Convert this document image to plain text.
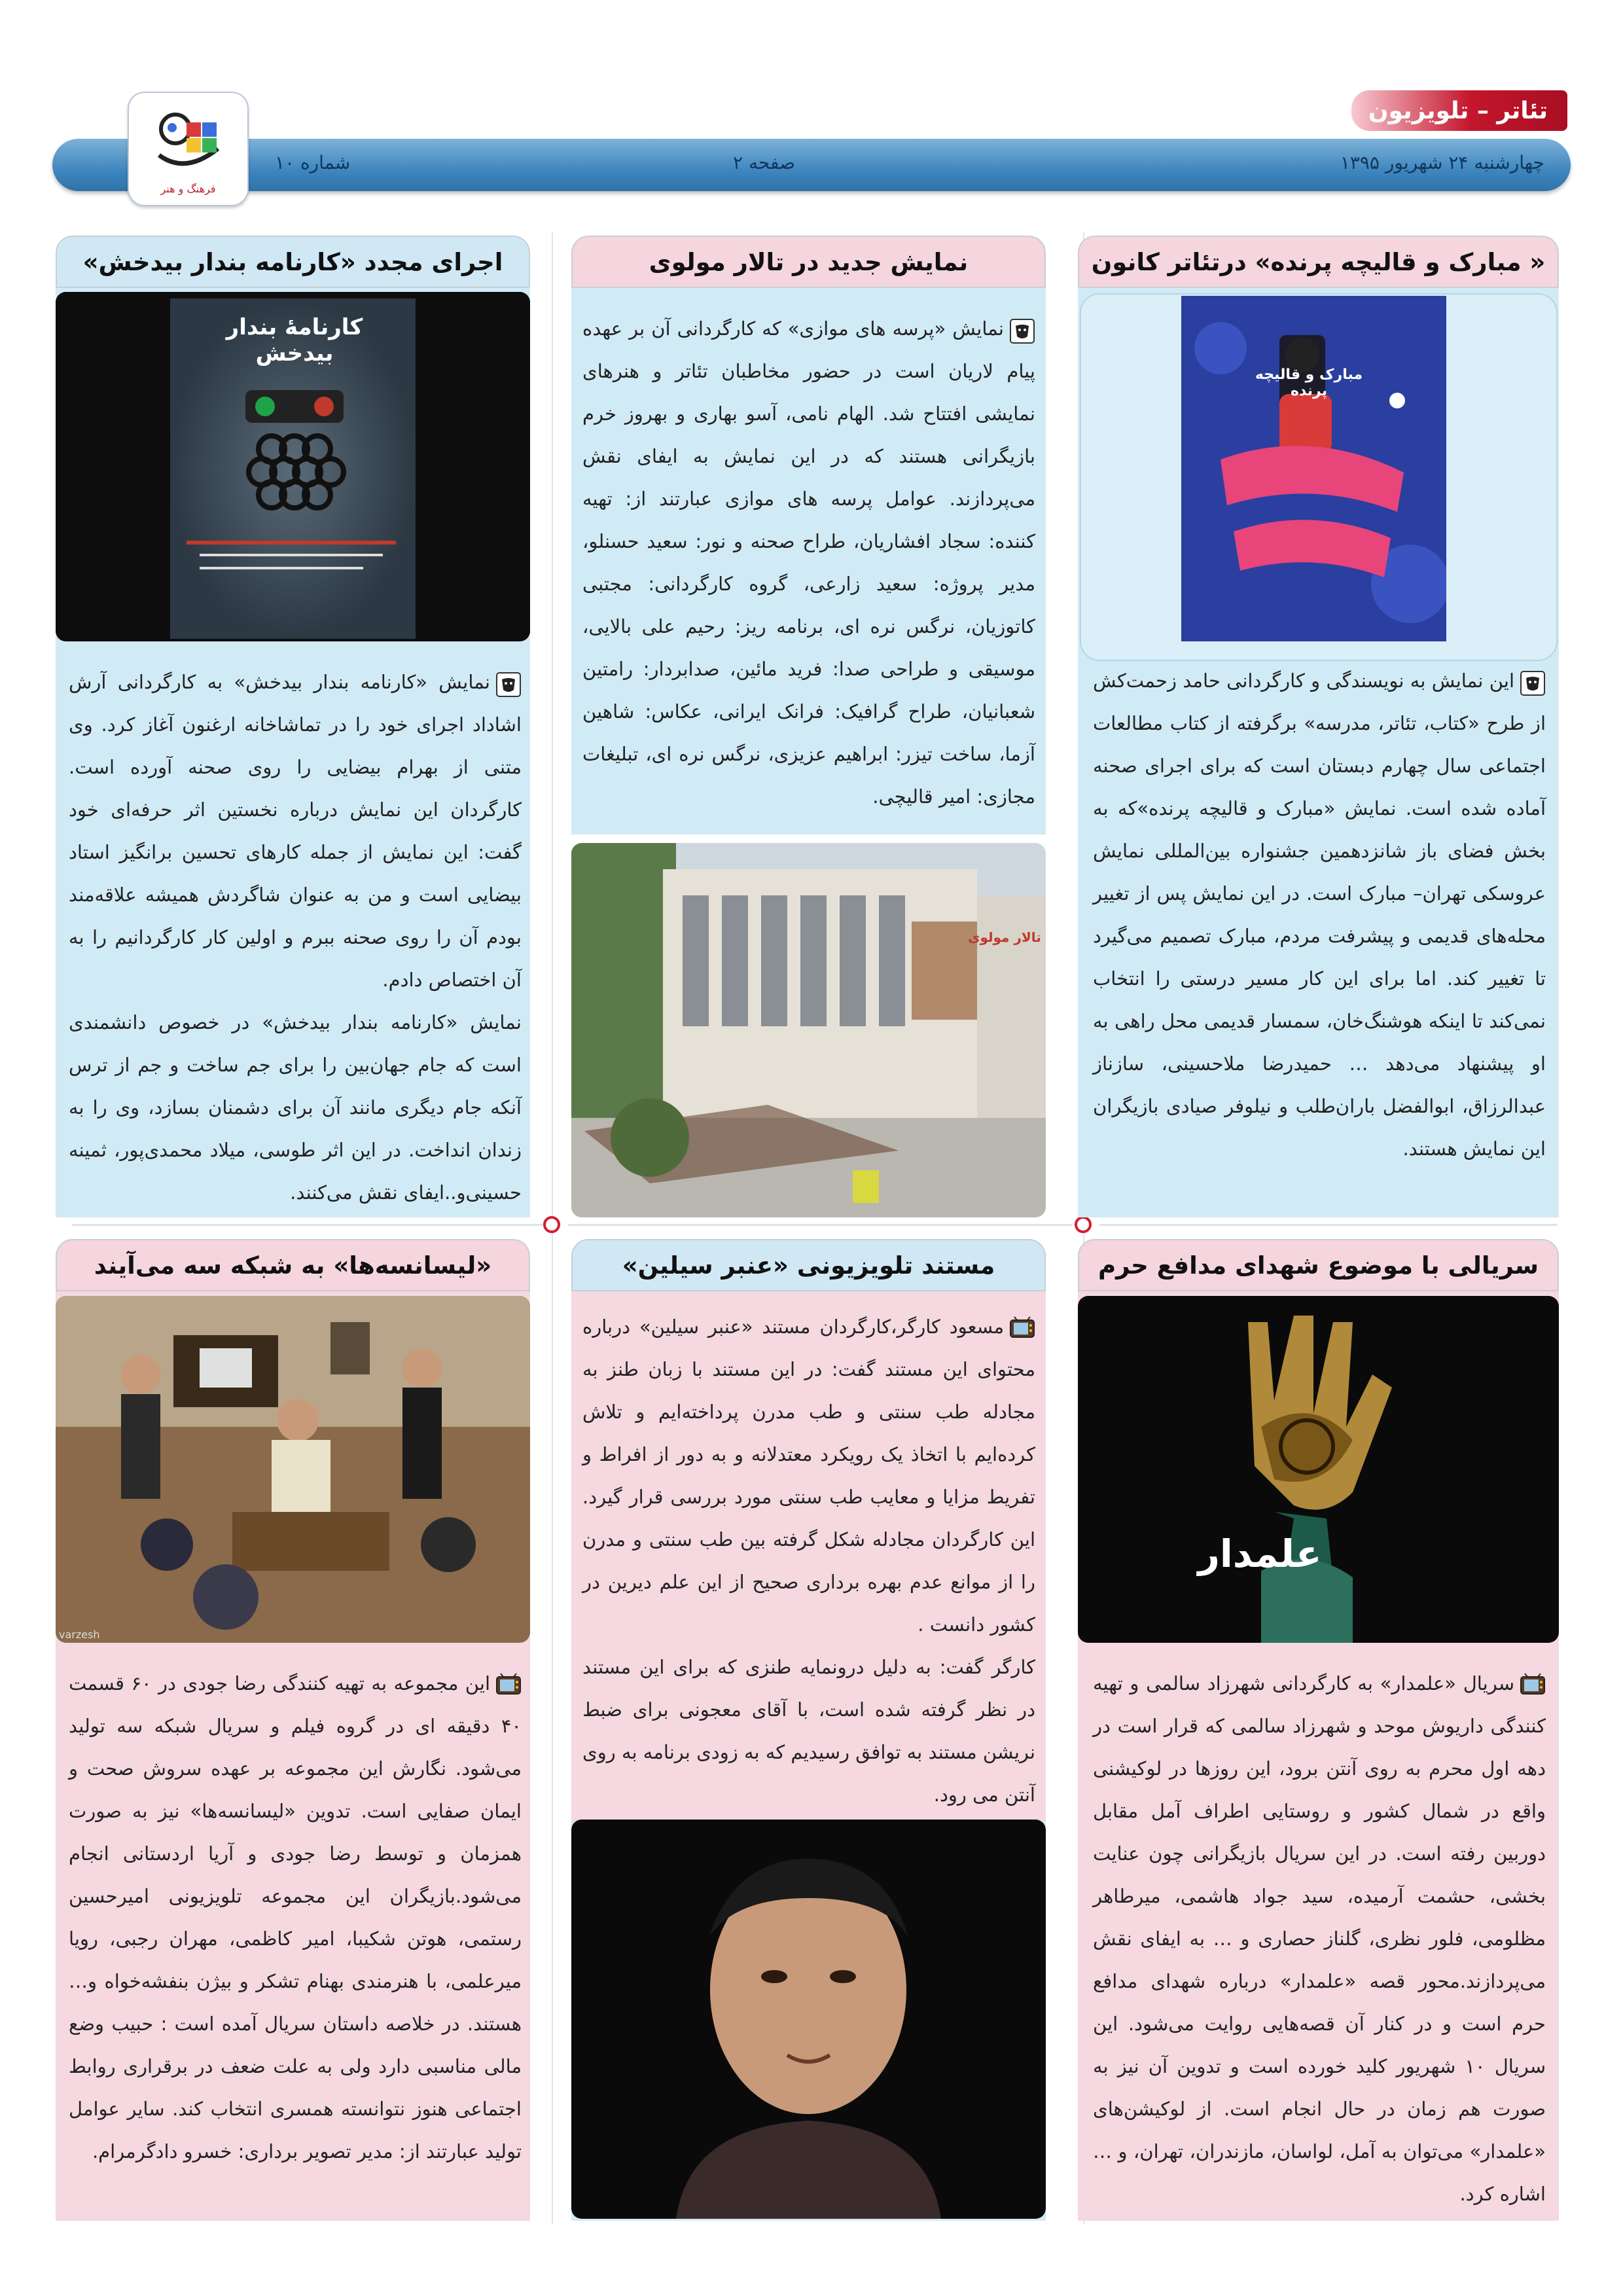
تئاتر – تلویزیون
چهارشنبه ۲۴ شهریور ۱۳۹۵
صفحه ۲
شماره ۱۰
فرهنگ و هنر
« مبارک و قالیچه پرنده» درتئاتر کانون
مبارک و قالیچه پرنده

این نمایش به نویسندگی و کارگردانی حامد زحمت‌کش از طرح «کتاب، تئاتر، مدرسه» برگرفته از کتاب مطالعات اجتماعی سال چهارم دبستان است که برای اجرای صحنه آماده شده است. نمایش «مبارک و قالیچه پرنده»که به بخش فضای باز شانزدهمین جشنواره بین‌المللی نمایش عروسکی تهران– مبارک است. در این نمایش پس از تغییر محله‌های قدیمی و پیشرفت مردم، مبارک تصمیم می‌گیرد تا تغییر کند. اما برای این کار مسیر درستی را انتخاب نمی‌کند تا اینکه هوشنگ‌خان، سمسار قدیمی محل راهی به او پیشنهاد می‌دهد … حمیدرضا ملاحسینی، سازناز عبدالرزاق، ابوالفضل باران‌طلب و نیلوفر صیادی بازیگران این نمایش هستند.

نمایش جدید در تالار مولوی

نمایش «پرسه های موازی» که کارگردانی آن بر عهده پیام لاریان است در حضور مخاطبان تئاتر و هنرهای نمایشی افتتاح شد. الهام نامی، آسو بهاری و بهروز خرم بازیگرانی هستند که در این نمایش به ایفای نقش می‌پردازند. عوامل پرسه های موازی عبارتند از: تهیه کننده: سجاد افشاریان، طراح صحنه و نور: سعید حسنلو، مدیر پروژه: سعید زارعی، گروه کارگردانی: مجتبی کاتوزیان، نرگس نره ای، برنامه ریز: رحیم علی بالایی، موسیقی و طراحی صدا: فرید مائین، صدابردار: رامتین شعبانیان، طراح گرافیک: فرانک ایرانی، عکاس: شاهین آزما، ساخت تیزر: ابراهیم عزیزی، نرگس نره ای، تبلیغات مجازی: امیر قالیچی.

تالار مولوی
اجرای مجدد «کارنامه بندار بیدخش»
کارنامهٔ بندار بیدخش

نمایش «کارنامه بندار بیدخش» به کارگردانی آرش اشاداد اجرای خود را در تماشاخانه ارغنون آغاز کرد. وی متنی از بهرام بیضایی را روی صحنه آورده است. کارگردان این نمایش درباره نخستین اثر حرفه‌ای خود گفت: این نمایش از جمله کارهای تحسین برانگیز استاد بیضایی است و من به عنوان شاگردش همیشه علاقه‌مند بودم آن را روی صحنه ببرم و اولین کار کارگردانیم را به آن اختصاص دادم.

نمایش «کارنامه بندار بیدخش» در خصوص دانشمندی است که جام جهان‌بین را برای جم ساخت و جم از ترس آنکه جام دیگری مانند آن برای دشمنان بسازد، وی را به زندان انداخت. در این اثر طوسی، میلاد محمدی‌پور، ثمینه حسینی‌و..ایفای نقش می‌کنند.

سریالی با موضوع شهدای مدافع حرم
علمدار

سریال «علمدار» به کارگردانی شهرزاد سالمی و تهیه کنندگی داریوش موحد و شهرزاد سالمی که قرار است در دهه اول محرم به روی آنتن برود، این روزها در لوکیشنی واقع در شمال کشور و روستایی اطراف آمل مقابل دوربین رفته است. در این سریال بازیگرانی چون عنایت بخشی، حشمت آرمیده، سید جواد هاشمی، میرطاهر مظلومی، فلور نظری، گلناز حصاری و … به ایفای نقش می‌پردازند.محور قصه «علمدار» درباره شهدای مدافع حرم است و در کنار آن قصه‌هایی روایت می‌شود. این سریال ۱۰ شهریور کلید خورده است و تدوین آن نیز به صورت هم زمان در حال انجام است. از لوکیشن‌های «علمدار» می‌توان به آمل، لواسان، مازندران، تهران، و … اشاره کرد.

مستند تلویزیونی «عنبر سیلین»

مسعود کارگر،کارگردان مستند «عنبر سیلین» درباره محتوای این مستند گفت: در این مستند با زبان طنز به مجادله طب سنتی و طب مدرن پرداخته‌ایم و تلاش کرده‌ایم با اتخاذ یک رویکرد معتدلانه و به دور از افراط و تفریط مزایا و معایب طب سنتی مورد بررسی قرار گیرد. این کارگردان مجادله شکل گرفته بین طب سنتی و مدرن را از موانع عدم بهره برداری صحیح از این علم دیرین در کشور دانست .

کارگر گفت: به دلیل درونمایه طنزی که برای این مستند در نظر گرفته شده است، با آقای معجونی برای ضبط نریشن مستند به توافق رسیدیم که به زودی برنامه به روی آنتن می رود.

«لیسانسه‌ها» به شبکه سه می‌آیند
varzesh

این مجموعه به تهیه کنندگی رضا جودی در ۶۰ قسمت ۴۰ دقیقه ای در گروه فیلم و سریال شبکه سه تولید می‌شود. نگارش این مجموعه بر عهده سروش صحت و ایمان صفایی است. تدوین «لیسانسه‌ها» نیز به صورت همزمان و توسط رضا جودی و آریا اردستانی انجام می‌شود.بازیگران این مجموعه تلویزیونی امیرحسین رستمی، هوتن شکیبا، امیر کاظمی، مهران رجبی، رویا میرعلمی، با هنرمندی بهنام تشکر و بیژن بنفشه‌خواه و… هستند. در خلاصه داستان سریال آمده است : حبیب وضع مالی مناسبی دارد ولی به علت ضعف در برقراری روابط اجتماعی هنوز نتوانسته همسری انتخاب کند. سایر عوامل تولید عبارتند از: مدیر تصویر برداری: خسرو دادگرمرام.
